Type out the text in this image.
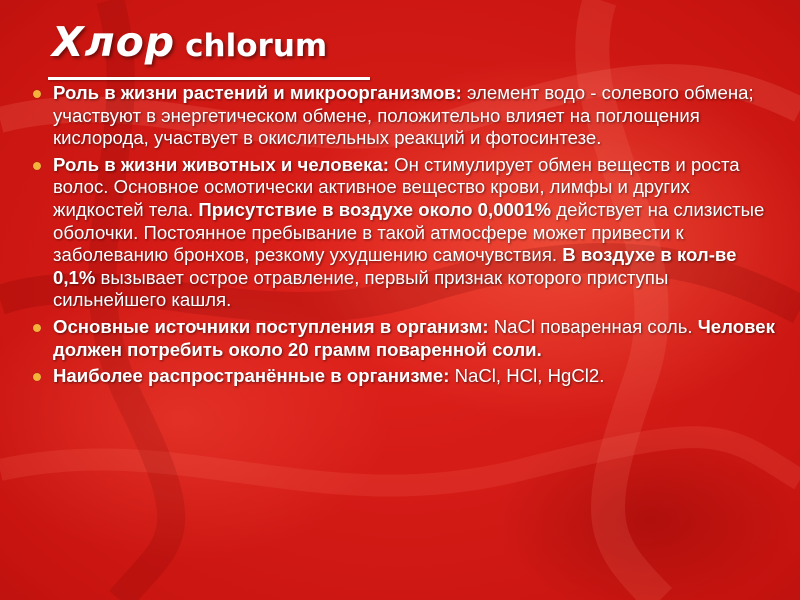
Хлор chlorum
Роль в жизни растений и микроорганизмов: элемент водо - солевого обмена; участвуют в энергетическом обмене, положительно влияет на поглощения кислорода, участвует в окислительных реакций и фотосинтезе.
Роль в жизни животных и человека: Он стимулирует обмен веществ и роста волос. Основное осмотически активное вещество крови, лимфы и других жидкостей тела. Присутствие в воздухе около 0,0001% действует на слизистые оболочки. Постоянное пребывание в такой атмосфере может привести к заболеванию бронхов, резкому ухудшению самочувствия. В воздухе в кол-ве 0,1% вызывает острое отравление, первый признак которого приступы сильнейшего кашля.
Основные источники поступления в организм: NaCl поваренная соль. Человек должен потребить около 20 грамм поваренной соли.
Наиболее распространённые в организме: NaCl, HCl, HgCl2.
